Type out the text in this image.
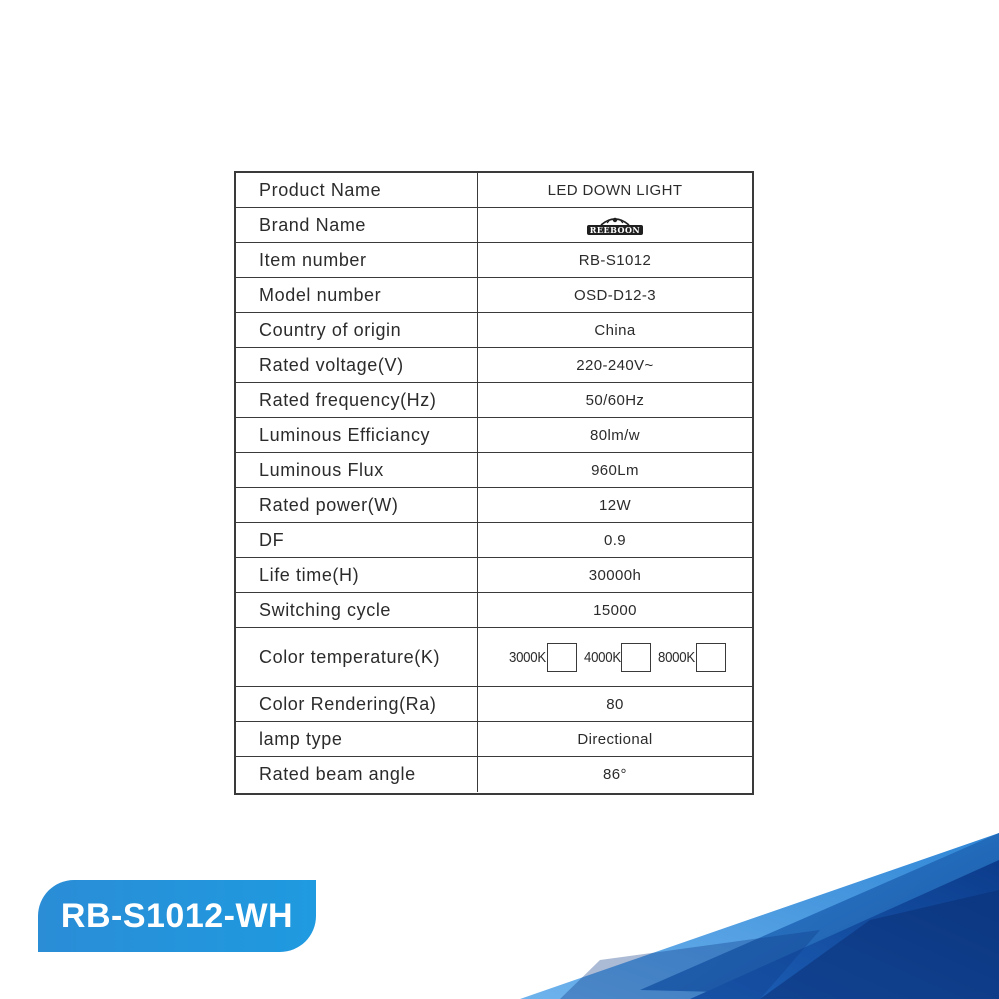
Product Name	LED DOWN LIGHT
Brand Name	REEBOON
Item number	RB-S1012
Model number	OSD-D12-3
Country of origin	China
Rated voltage(V)	220-240V~
Rated frequency(Hz)	50/60Hz
Luminous Efficiancy	80lm/w
Luminous Flux	960Lm
Rated power(W)	12W
DF	0.9
Life time(H)	30000h
Switching cycle	15000
Color temperature(K)	3000K	4000K	8000K
Color Rendering(Ra)	80
lamp type	Directional
Rated beam angle	86°
RB-S1012-WH
